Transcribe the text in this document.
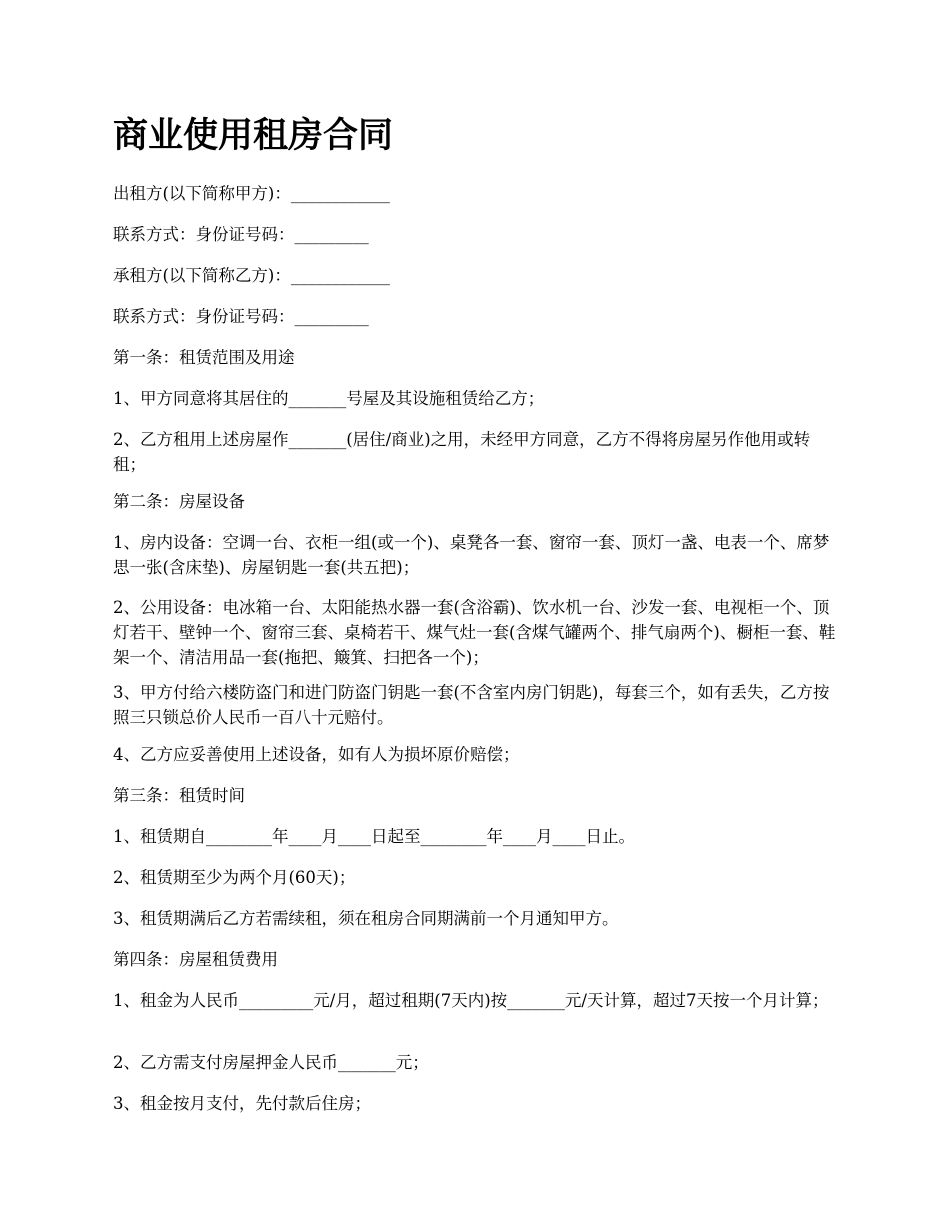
商业使用租房合同

出租方(以下简称甲方)：____________

联系方式：身份证号码：_________

承租方(以下简称乙方)：____________

联系方式：身份证号码：_________

第一条：租赁范围及用途

1、甲方同意将其居住的_______号屋及其设施租赁给乙方；

2、乙方租用上述房屋作_______(居住/商业)之用，未经甲方同意，乙方不得将房屋另作他用或转租；

第二条：房屋设备

1、房内设备：空调一台、衣柜一组(或一个)、桌凳各一套、窗帘一套、顶灯一盏、电表一个、席梦思一张(含床垫)、房屋钥匙一套(共五把)；

2、公用设备：电冰箱一台、太阳能热水器一套(含浴霸)、饮水机一台、沙发一套、电视柜一个、顶灯若干、壁钟一个、窗帘三套、桌椅若干、煤气灶一套(含煤气罐两个、排气扇两个)、橱柜一套、鞋架一个、清洁用品一套(拖把、簸箕、扫把各一个)；

3、甲方付给六楼防盗门和进门防盗门钥匙一套(不含室内房门钥匙)，每套三个，如有丢失，乙方按照三只锁总价人民币一百八十元赔付。

4、乙方应妥善使用上述设备，如有人为损坏原价赔偿；

第三条：租赁时间

1、租赁期自________年____月____日起至________年____月____日止。

2、租赁期至少为两个月(60天)；

3、租赁期满后乙方若需续租，须在租房合同期满前一个月通知甲方。

第四条：房屋租赁费用

1、租金为人民币_________元/月，超过租期(7天内)按_______元/天计算，超过7天按一个月计算；

2、乙方需支付房屋押金人民币_______元；

3、租金按月支付，先付款后住房；
